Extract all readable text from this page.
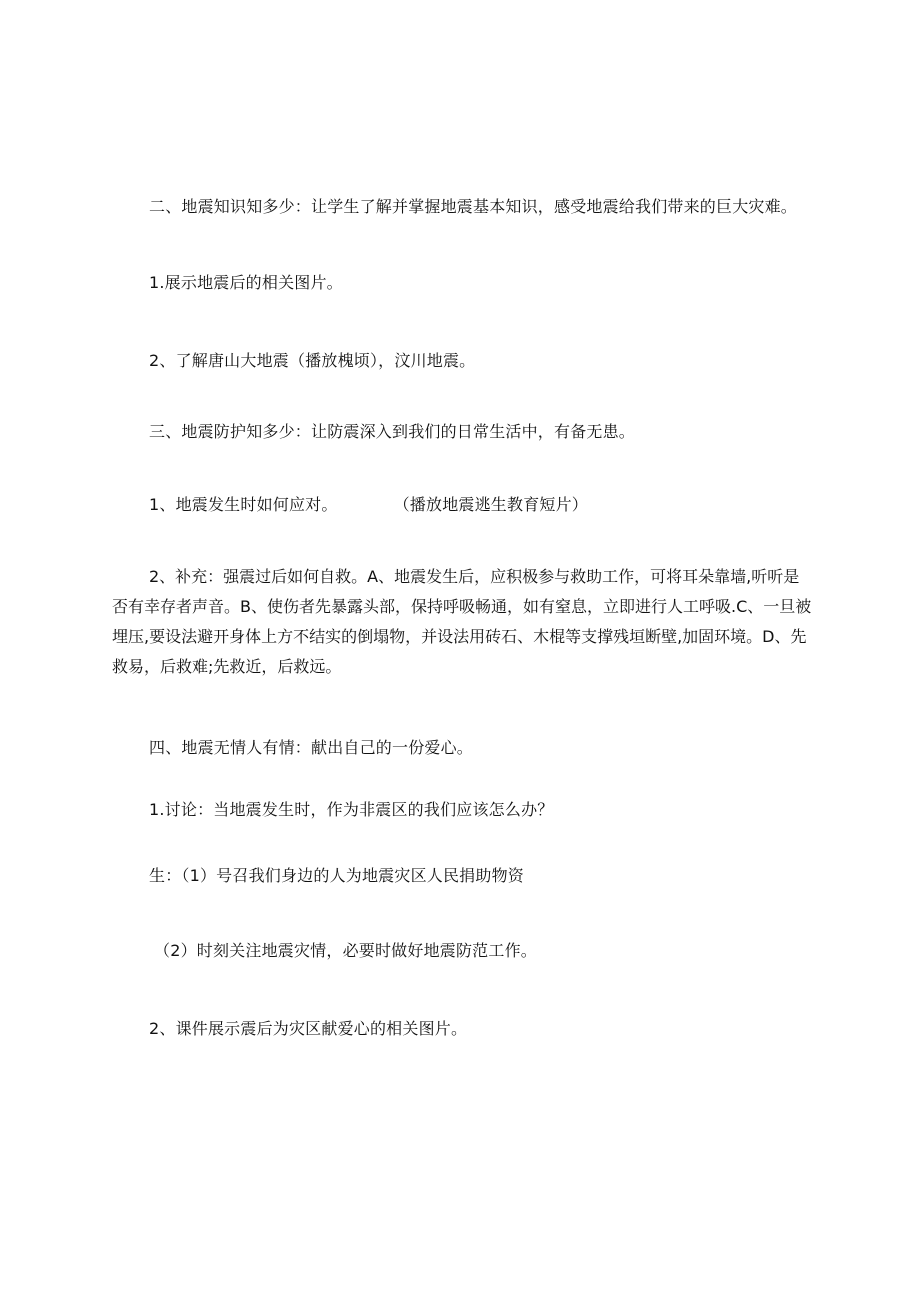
二、地震知识知多少：让学生了解并掌握地震基本知识，感受地震给我们带来的巨大灾难。
1.展示地震后的相关图片。
2、了解唐山大地震（播放槐顷），汶川地震。
三、地震防护知多少：让防震深入到我们的日常生活中，有备无患。
1、地震发生时如何应对。	（播放地震逃生教育短片）
2、补充：强震过后如何自救。A、地震发生后，应积极参与救助工作，可将耳朵靠墙,听听是否有幸存者声音。B、使伤者先暴露头部，保持呼吸畅通，如有窒息，立即进行人工呼吸.C、一旦被埋压,要设法避开身体上方不结实的倒塌物，并设法用砖石、木棍等支撑残垣断壁,加固环境。D、先救易，后救难;先救近，后救远。
四、地震无情人有情：献出自己的一份爱心。
1.讨论：当地震发生时，作为非震区的我们应该怎么办？
生：（1）号召我们身边的人为地震灾区人民捐助物资
（2）时刻关注地震灾情，必要时做好地震防范工作。
2、课件展示震后为灾区献爱心的相关图片。
